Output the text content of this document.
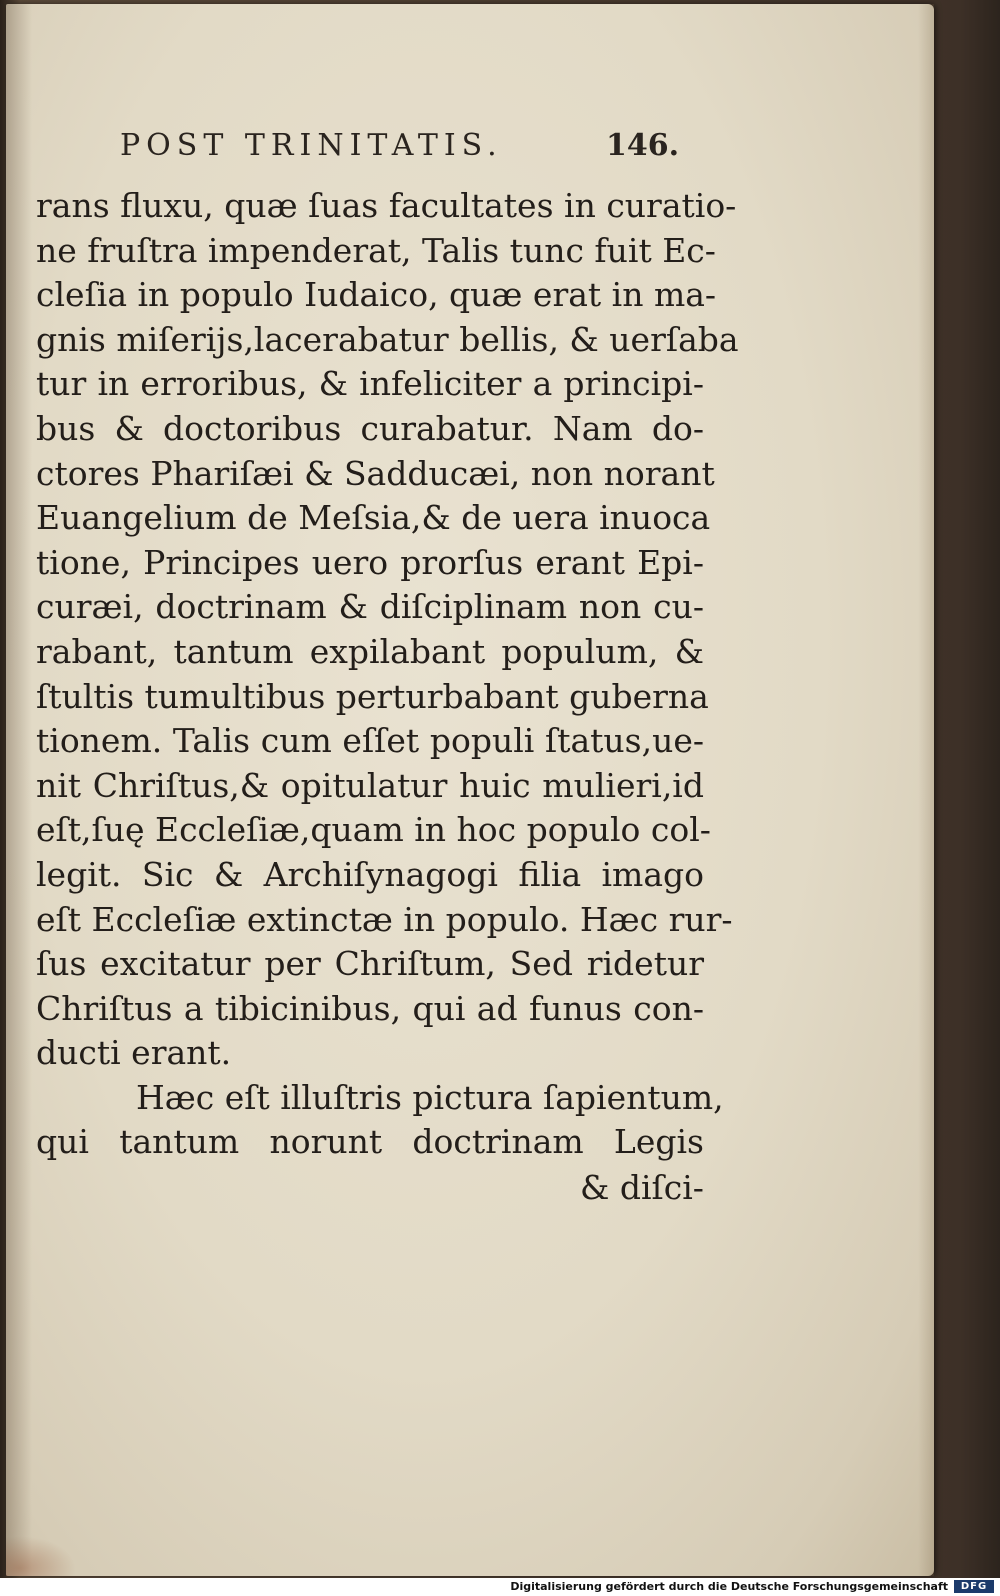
POST TRINITATIS.	146.
rans fluxu, quæ ſuas facultates in curatio-
ne fruſtra impenderat, Talis tunc fuit Ec-
cleſia in populo Iudaico, quæ erat in ma-
gnis miſerijs,lacerabatur bellis, & uerſaba
tur in erroribus, & infeliciter a principi-
bus & doctoribus curabatur. Nam do-
ctores Phariſæi & Sadducæi, non norant
Euangelium de Meſsia,& de uera inuoca
tione, Principes uero prorſus erant Epi-
curæi, doctrinam & diſciplinam non cu-
rabant, tantum expilabant populum, &
ſtultis tumultibus perturbabant guberna
tionem. Talis cum eſſet populi ſtatus,ue-
nit Chriſtus,& opitulatur huic mulieri,id
eſt,ſuę Eccleſiæ,quam in hoc populo col-
legit. Sic & Archiſynagogi filia imago
eſt Eccleſiæ extinctæ in populo. Hæc rur-
ſus excitatur per Chriſtum, Sed ridetur
Chriſtus a tibicinibus, qui ad funus con-
ducti erant.
Hæc eſt illuſtris pictura ſapientum,
qui tantum norunt doctrinam Legis
& diſci-
Digitalisierung gefördert durch die Deutsche Forschungsgemeinschaft	DFG
